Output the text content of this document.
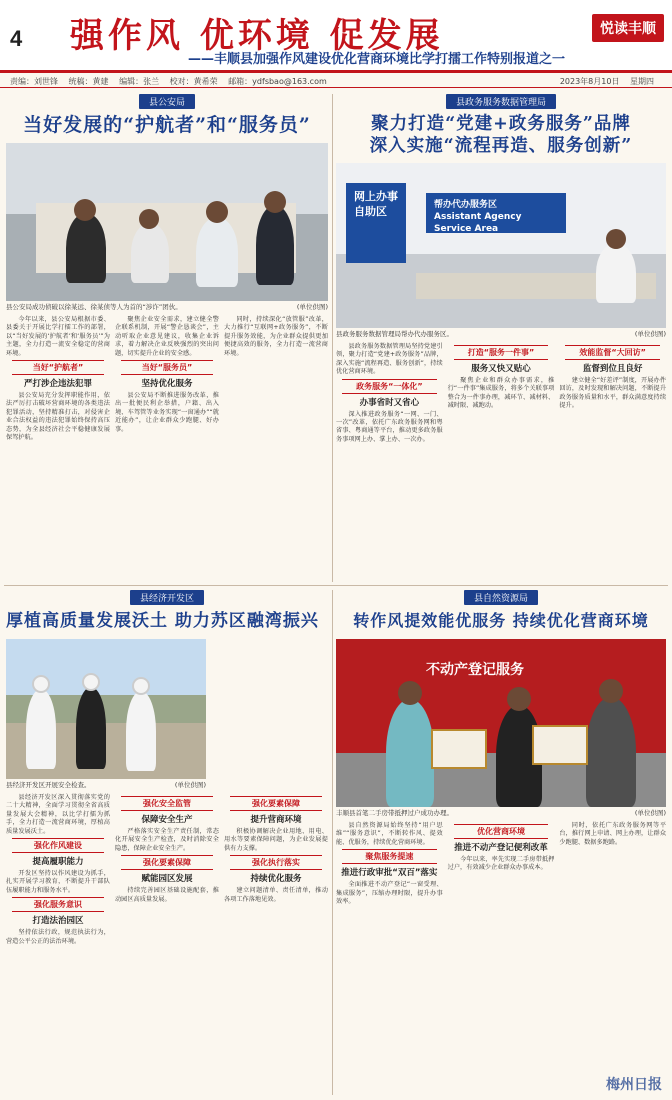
4 强作风 优环境 促发展
——丰顺县加强作风建设优化营商环境比学打擂工作特别报道之一
悦读丰顺
责编：刘世锋 统稿：黄建 编辑：张兰 校对：黄希荣 邮箱：ydfsbao@163.com	2023年8月10日 星期四
县公安局
当好发展的“护航者”和“服务员”
县公安局成功侦破以徐某远、徐某侦等人为首的“涉诈”团伙。	(单位供图)

今年以来，县公安局根据市委、县委关于开展比学打擂工作的部署，以“当好发展的‘护航者’和‘服务员’”为主题，全力打造一流安全稳定的营商环境。

当好“护航者”
严打涉企违法犯罪

县公安局充分发挥职能作用，依法严厉打击破坏营商环境的各类违法犯罪活动，坚持精准打击，对侵害企业合法权益的违法犯罪始终保持高压态势，为全县经济社会平稳健康发展保驾护航。

聚焦企业安全需求，建立健全警企联系机制，开展“警企恳谈会”，主动听取企业意见建议，收集企业诉求，着力解决企业反映强烈的突出问题，切实提升企业的安全感。

当好“服务员”
坚持优化服务

县公安局不断推进服务改革，推出一批便民利企举措，户籍、出入境、车驾管等业务实现“一窗通办”“就近能办”，让企业群众少跑腿、好办事。

同时，持续深化“放管服”改革，大力推行“互联网+政务服务”，不断提升服务效能，为企业群众提供更加便捷高效的服务，全力打造一流营商环境。

县政务服务数据管理局
聚力打造“党建+政务服务”品牌
深入实施“流程再造、服务创新”
网上办事
自助区	帮办代办服务区
Assistant Agency Service Area
县政务服务数据管理局帮办代办服务区。	(单位供图)

县政务服务数据管理局坚持党建引领，聚力打造“党建+政务服务”品牌，深入实施“流程再造、服务创新”，持续优化营商环境。

政务服务“一体化”
办事省时又省心

深入推进政务服务“一网、一门、一次”改革，依托广东政务服务网和粤省事、粤商通等平台，推动更多政务服务事项网上办、掌上办、一次办。

打造“服务一件事”
服务又快又贴心

聚焦企业和群众办事需求，推行“一件事”集成服务，将多个关联事项整合为一件事办理，减环节、减材料、减时限、减跑动。

效能监督“大回访”
监督到位且良好

建立健全“好差评”制度，开展办件回访，及时发现和解决问题，不断提升政务服务质量和水平，群众满意度持续提升。

县经济开发区
厚植高质量发展沃土 助力苏区融湾振兴
县经济开发区开展安全检查。	(单位供图)

县经济开发区深入贯彻落实党的二十大精神，全面学习贯彻全省高质量发展大会精神，以比学打擂为抓手，全力打造一流营商环境，厚植高质量发展沃土。

强化作风建设
提高履职能力

开发区坚持以作风建设为抓手，扎实开展学习教育，不断提升干部队伍履职能力和服务水平。

强化服务意识
打造法治园区

坚持依法行政，规范执法行为，营造公平公正的法治环境。

强化安全监管
保障安全生产

严格落实安全生产责任制，常态化开展安全生产检查，及时消除安全隐患，保障企业安全生产。

强化要素保障
赋能园区发展

持续完善园区基础设施配套，推动园区高质量发展。

强化要素保障
提升营商环境

积极协调解决企业用地、用电、用水等要素保障问题，为企业发展提供有力支撑。

强化执行落实
持续优化服务

建立问题清单、责任清单，推动各项工作落地见效。

县自然资源局
转作风提效能优服务 持续优化营商环境
不动产登记服务
丰顺县首笔二手房带抵押过户成功办理。	(单位供图)

县自然资源局始终坚持“用户思维”“服务意识”，不断转作风、提效能、优服务，持续优化营商环境。

聚焦服务提速
推进行政审批“双百”落实

全面推进不动产登记“一窗受理、集成服务”，压缩办理时限，提升办事效率。

优化营商环境
推进不动产登记便利改革

今年以来，率先实现二手房带抵押过户，有效减少企业群众办事成本。

同时，依托广东政务服务网等平台，推行网上申请、网上办理，让群众少跑腿、数据多跑路。

梅州日报
